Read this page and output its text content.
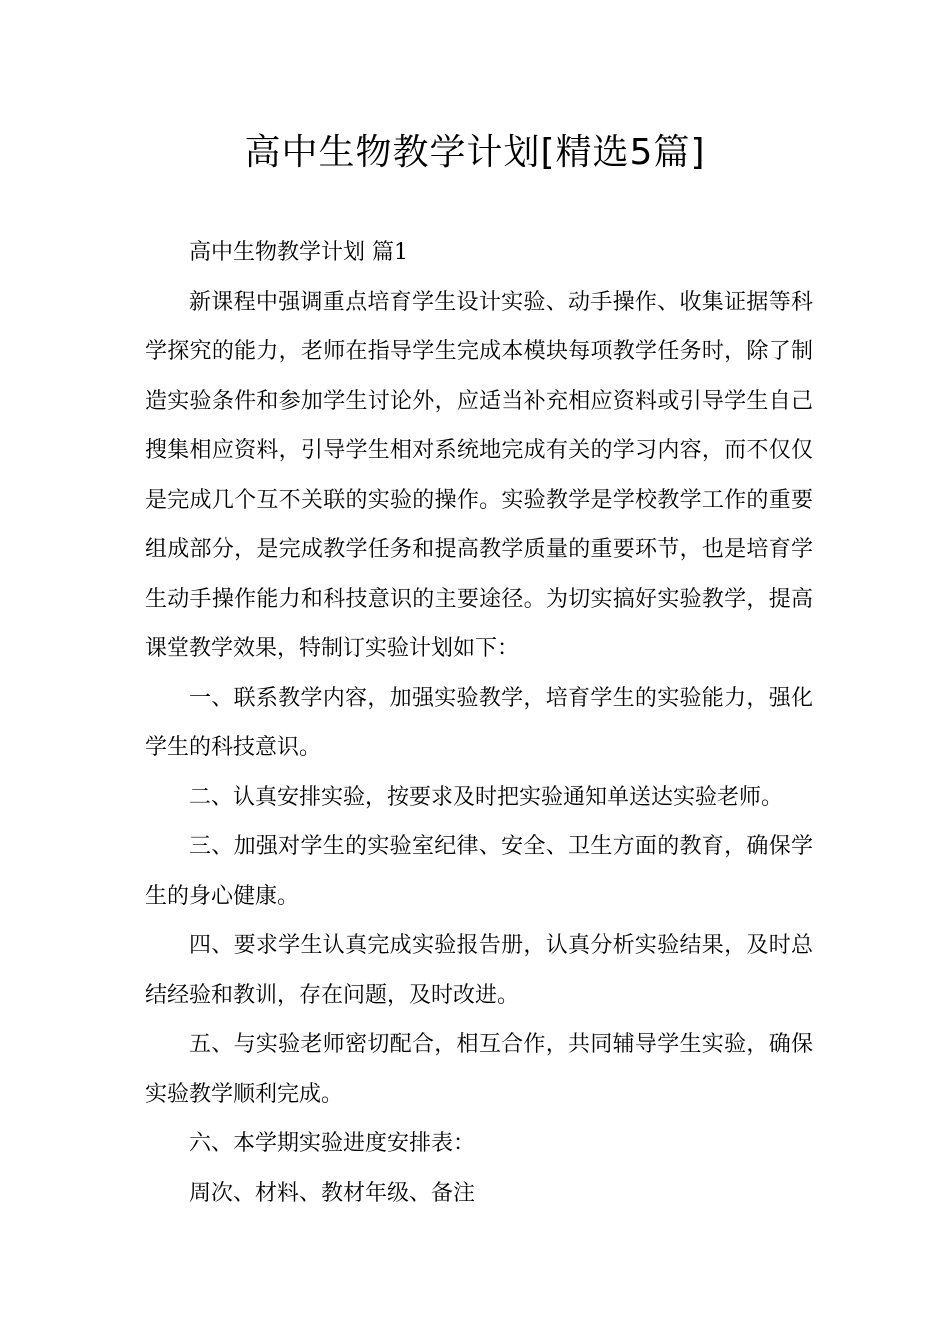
高中生物教学计划[精选5篇]

高中生物教学计划 篇1

新课程中强调重点培育学生设计实验、动手操作、收集证据等科学探究的能力，老师在指导学生完成本模块每项教学任务时，除了制造实验条件和参加学生讨论外，应适当补充相应资料或引导学生自己搜集相应资料，引导学生相对系统地完成有关的学习内容，而不仅仅是完成几个互不关联的实验的操作。实验教学是学校教学工作的重要组成部分，是完成教学任务和提高教学质量的重要环节，也是培育学生动手操作能力和科技意识的主要途径。为切实搞好实验教学，提高课堂教学效果，特制订实验计划如下：

一、联系教学内容，加强实验教学，培育学生的实验能力，强化学生的科技意识。

二、认真安排实验，按要求及时把实验通知单送达实验老师。

三、加强对学生的实验室纪律、安全、卫生方面的教育，确保学生的身心健康。

四、要求学生认真完成实验报告册，认真分析实验结果，及时总结经验和教训，存在问题，及时改进。

五、与实验老师密切配合，相互合作，共同辅导学生实验，确保实验教学顺利完成。

六、本学期实验进度安排表：

周次、材料、教材年级、备注
